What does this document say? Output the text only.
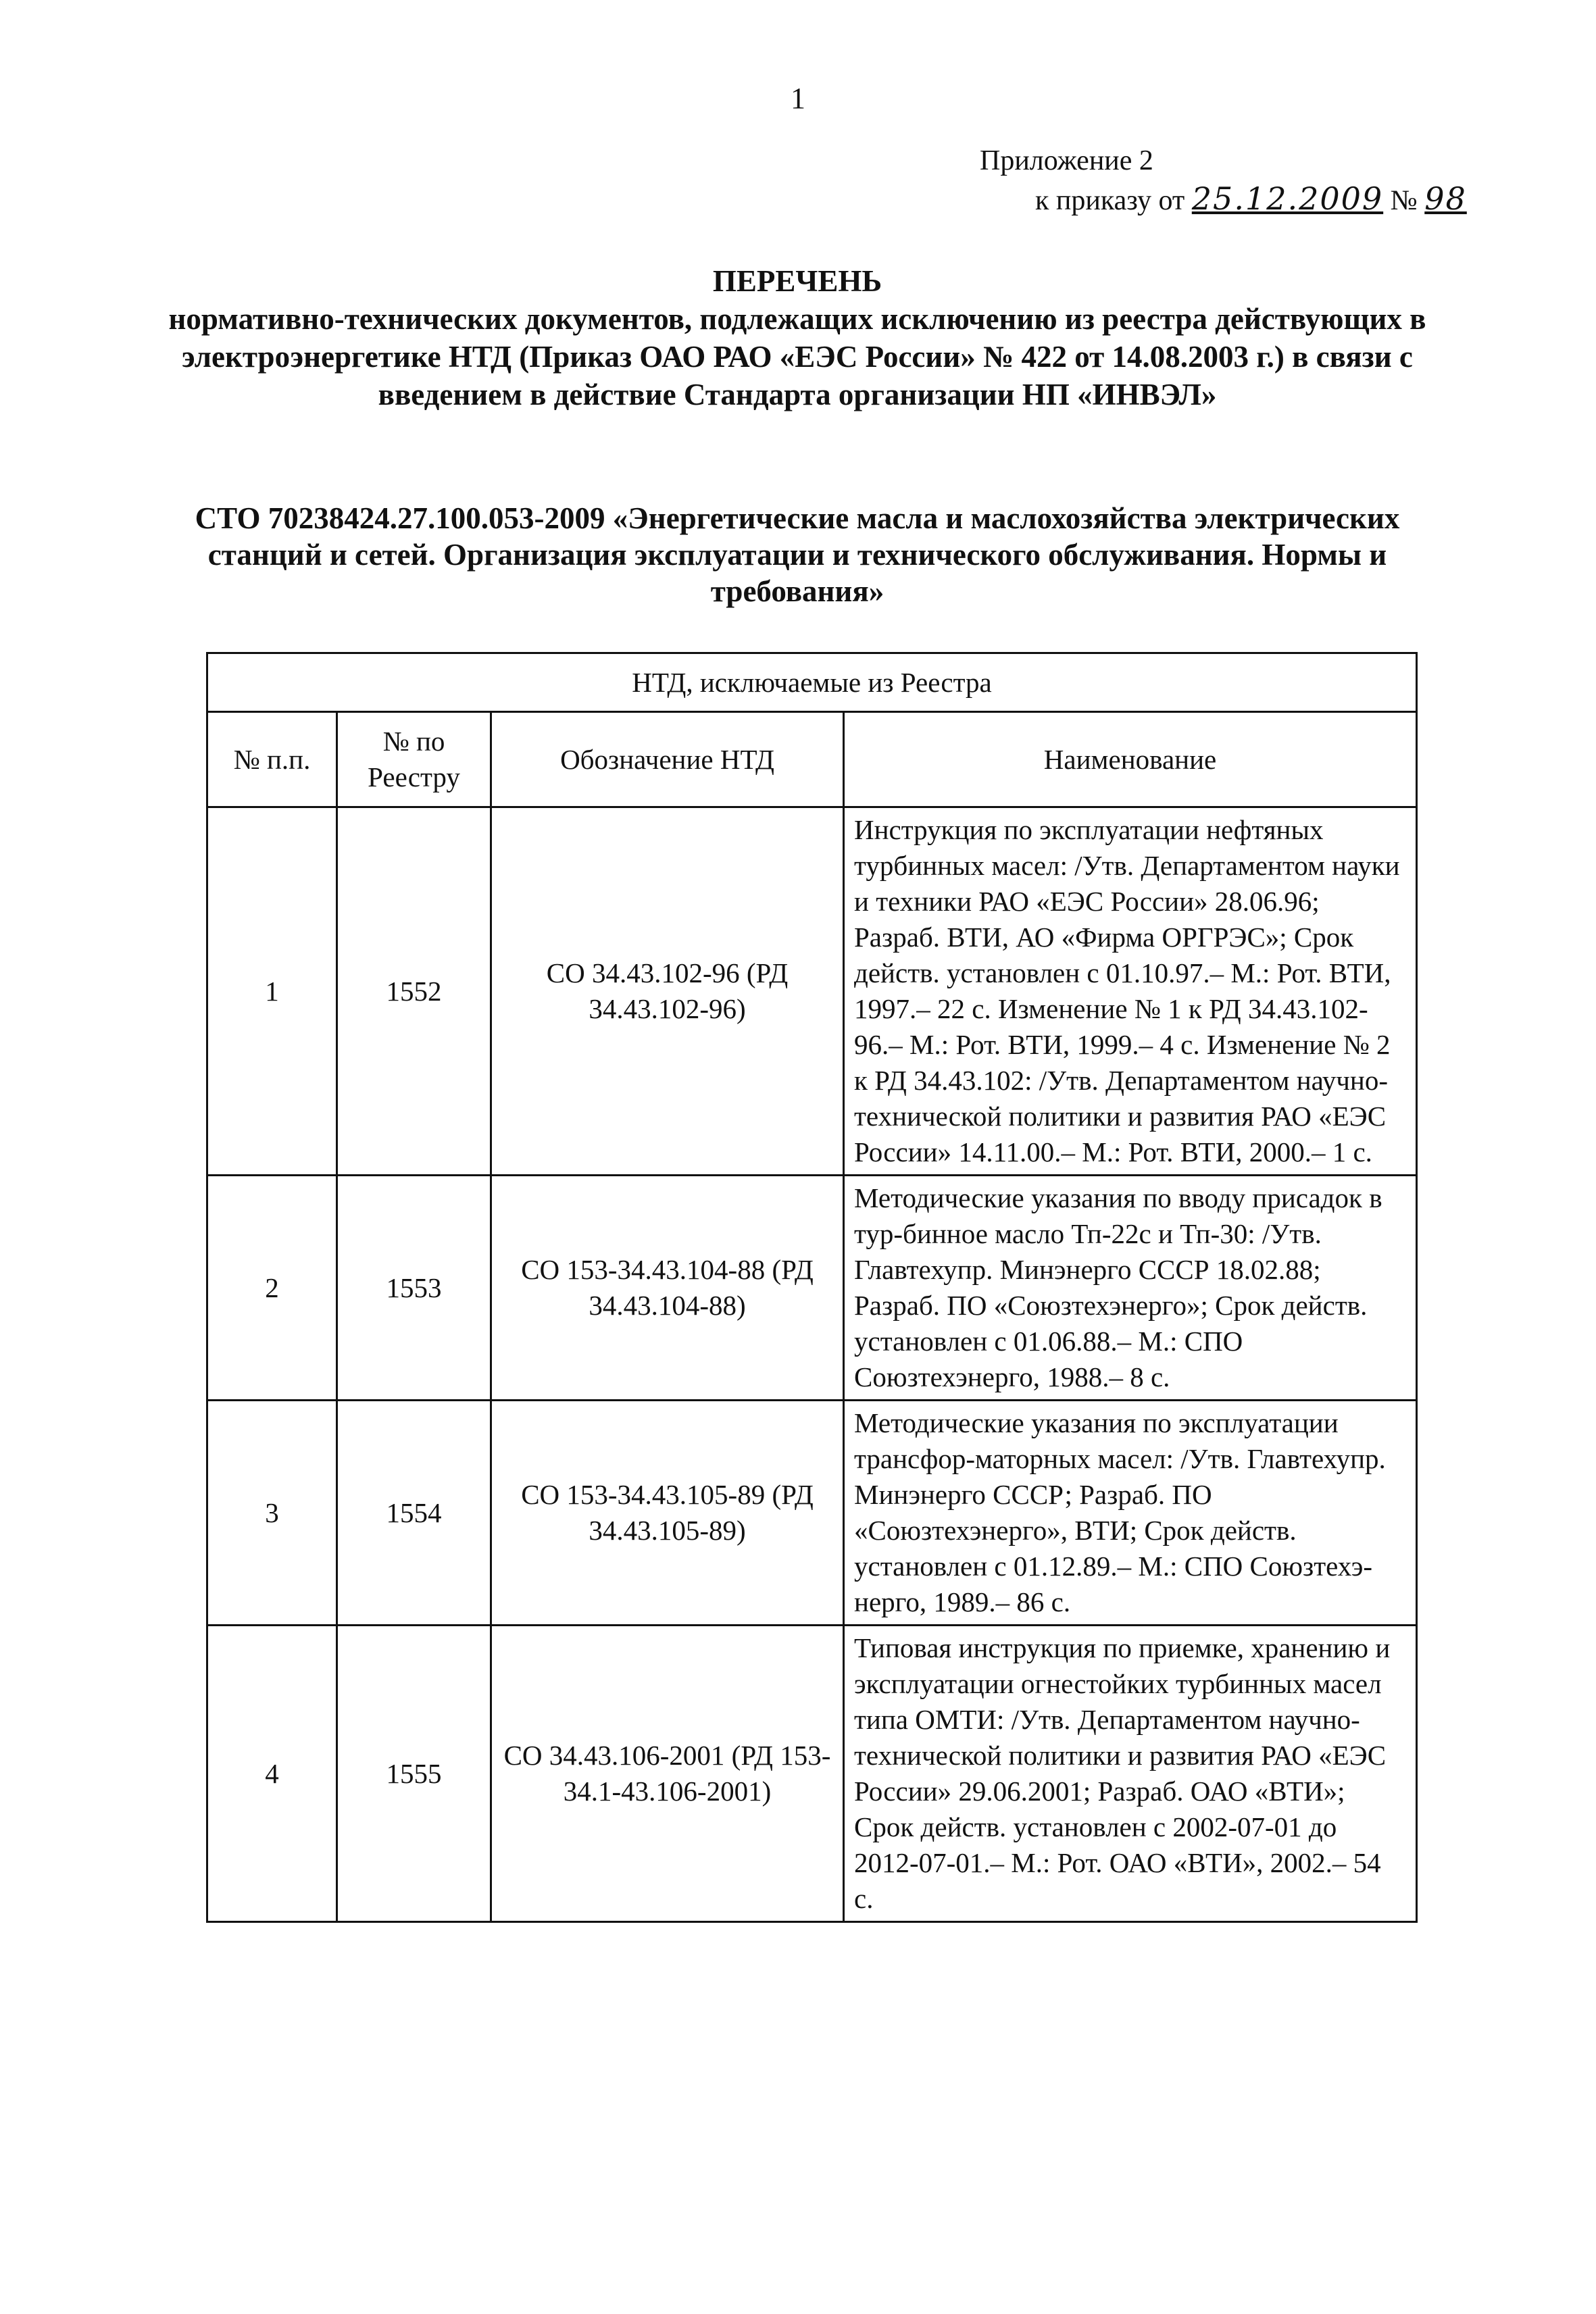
1
Приложение 2
к приказу от 25.12.2009 № 98
ПЕРЕЧЕНЬ
нормативно-технических документов, подлежащих исключению из реестра действующих в электроэнергетике НТД (Приказ ОАО РАО «ЕЭС России» № 422 от 14.08.2003 г.) в связи с введением в действие Стандарта организации НП «ИНВЭЛ»
СТО 70238424.27.100.053-2009 «Энергетические масла и маслохозяйства электрических станций и сетей. Организация эксплуатации и технического обслуживания. Нормы и требования»
НТД, исключаемые из Реестра			
№ п.п.	№ по Реестру	Обозначение НТД	Наименование
1	1552	СО 34.43.102-96 (РД 34.43.102-96)	Инструкция по эксплуатации нефтяных турбинных масел: /Утв. Департаментом науки и техники РАО «ЕЭС России» 28.06.96; Разраб. ВТИ, АО «Фирма ОРГРЭС»; Срок действ. установлен с 01.10.97.– М.: Рот. ВТИ, 1997.– 22 с. Изменение № 1 к РД 34.43.102-96.– М.: Рот. ВТИ, 1999.– 4 с. Изменение № 2 к РД 34.43.102: /Утв. Департаментом научно-технической политики и развития РАО «ЕЭС России» 14.11.00.– М.: Рот. ВТИ, 2000.– 1 с.
2	1553	СО 153-34.43.104-88 (РД 34.43.104-88)	Методические указания по вводу присадок в тур-бинное масло Тп-22с и Тп-30: /Утв. Главтехупр. Минэнерго СССР 18.02.88; Разраб. ПО «Союзтехэнерго»; Срок действ. установлен с 01.06.88.– М.: СПО Союзтехэнерго, 1988.– 8 с.
3	1554	СО 153-34.43.105-89 (РД 34.43.105-89)	Методические указания по эксплуатации трансфор-маторных масел: /Утв. Главтехупр. Минэнерго СССР; Разраб. ПО «Союзтехэнерго», ВТИ; Срок действ. установлен с 01.12.89.– М.: СПО Союзтехэ-нерго, 1989.– 86 с.
4	1555	СО 34.43.106-2001 (РД 153-34.1-43.106-2001)	Типовая инструкция по приемке, хранению и эксплуатации огнестойких турбинных масел типа ОМТИ: /Утв. Департаментом научно-технической политики и развития РАО «ЕЭС России» 29.06.2001; Разраб. ОАО «ВТИ»; Срок действ. установлен с 2002-07-01 до 2012-07-01.– М.: Рот. ОАО «ВТИ», 2002.– 54 с.
